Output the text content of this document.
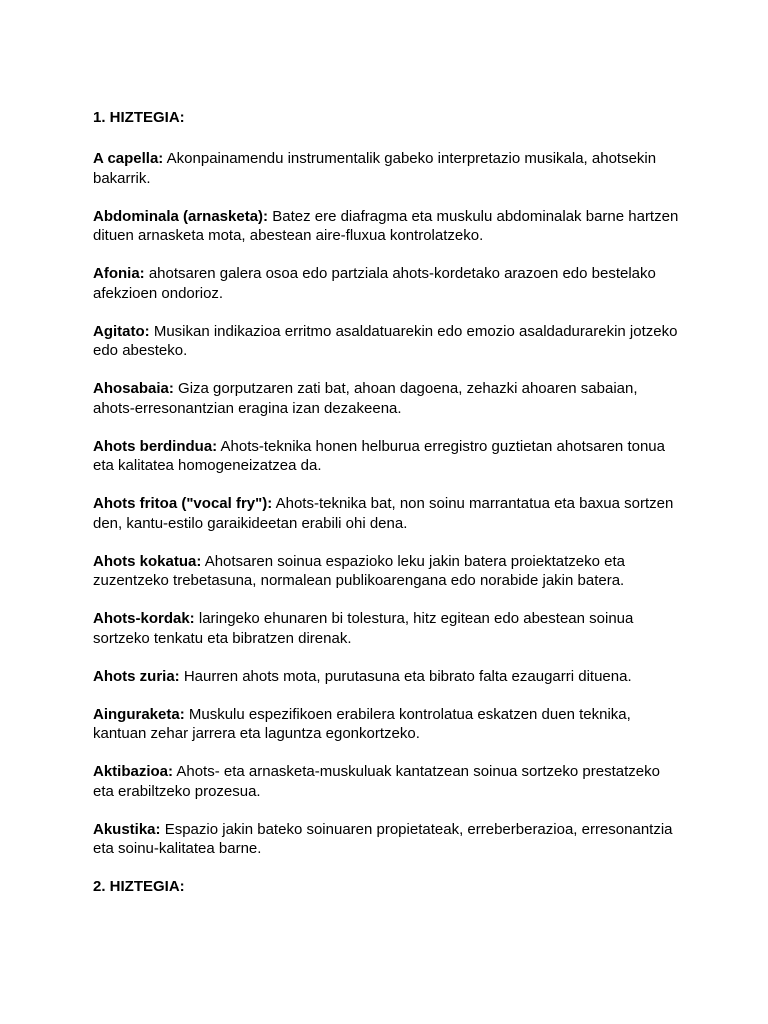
1. HIZTEGIA:

A capella: Akonpainamendu instrumentalik gabeko interpretazio musikala, ahotsekin bakarrik.

Abdominala (arnasketa): Batez ere diafragma eta muskulu abdominalak barne hartzen dituen arnasketa mota, abestean aire-fluxua kontrolatzeko.

Afonia: ahotsaren galera osoa edo partziala ahots-kordetako arazoen edo bestelako afekzioen ondorioz.

Agitato: Musikan indikazioa erritmo asaldatuarekin edo emozio asaldadurarekin jotzeko edo abesteko.

Ahosabaia: Giza gorputzaren zati bat, ahoan dagoena, zehazki ahoaren sabaian, ahots-erresonantzian eragina izan dezakeena.

Ahots berdindua: Ahots-teknika honen helburua erregistro guztietan ahotsaren tonua eta kalitatea homogeneizatzea da.

Ahots fritoa ("vocal fry"): Ahots-teknika bat, non soinu marrantatua eta baxua sortzen den, kantu-estilo garaikideetan erabili ohi dena.

Ahots kokatua: Ahotsaren soinua espazioko leku jakin batera proiektatzeko eta zuzentzeko trebetasuna, normalean publikoarengana edo norabide jakin batera.

Ahots-kordak: laringeko ehunaren bi tolestura, hitz egitean edo abestean soinua sortzeko tenkatu eta bibratzen direnak.

Ahots zuria: Haurren ahots mota, purutasuna eta bibrato falta ezaugarri dituena.

Ainguraketa: Muskulu espezifikoen erabilera kontrolatua eskatzen duen teknika, kantuan zehar jarrera eta laguntza egonkortzeko.

Aktibazioa: Ahots- eta arnasketa-muskuluak kantatzean soinua sortzeko prestatzeko eta erabiltzeko prozesua.

Akustika: Espazio jakin bateko soinuaren propietateak, erreberberazioa, erresonantzia eta soinu-kalitatea barne.

2. HIZTEGIA:
